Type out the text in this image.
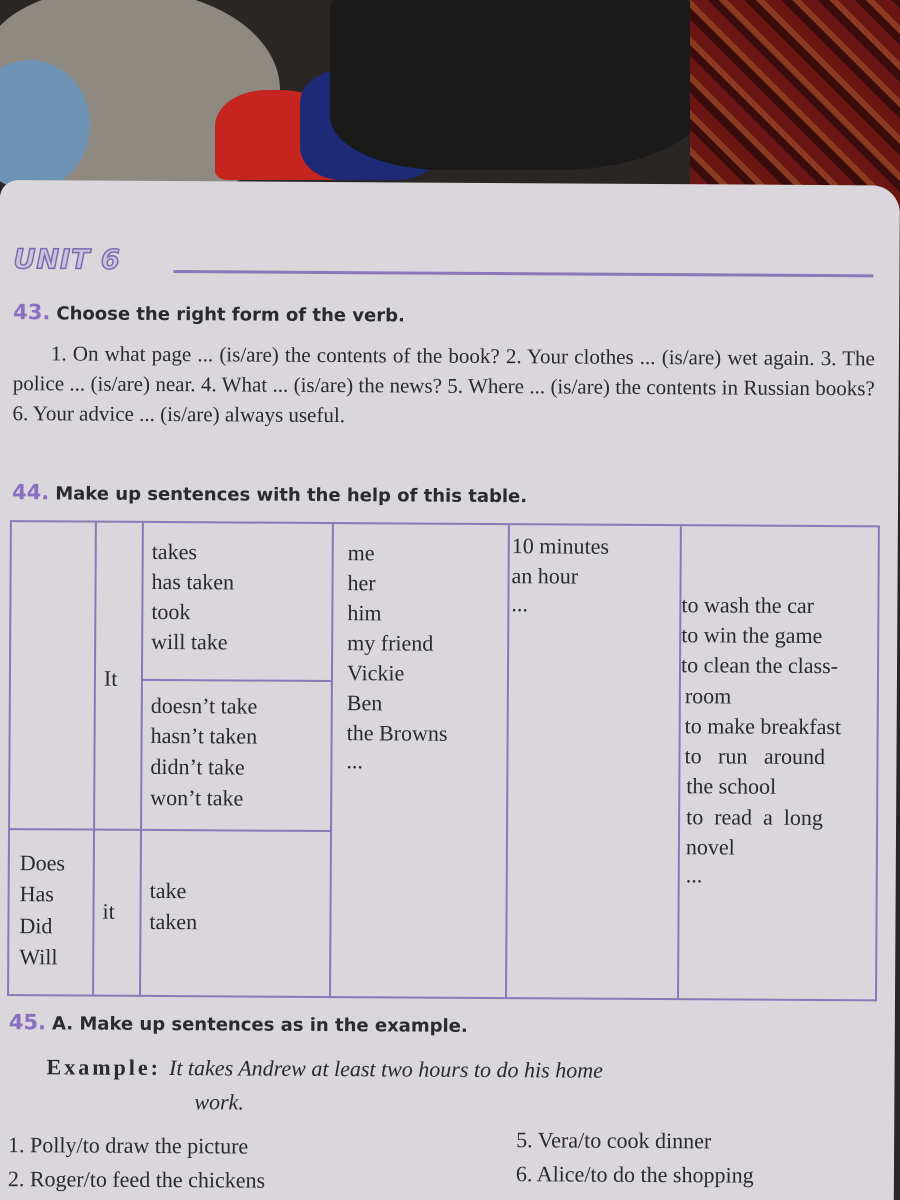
UNIT 6
43. Choose the right form of the verb.
1. On what page ... (is/are) the contents of the book? 2. Your clothes ... (is/are) wet again. 3. The police ... (is/are) near. 4. What ... (is/are) the news? 5. Where ... (is/are) the contents in Russian books? 6. Your advice ... (is/are) always useful.
44. Make up sentences with the help of this table.
It
takes
has taken
took
will take
doesn’t take
hasn’t taken
didn’t take
won’t take
Does
Has
Did
Will
it
take
taken
me
her
him
my friend
Vickie
Ben
the Browns
...
10 minutes
an hour
...	to wash the car
to win the game
to clean the class-
room
to make breakfast
to   run   around
the school
to  read  a  long
novel
...
45. A. Make up sentences as in the example.
Example: It takes Andrew at least two hours to do his home
work.
1. Polly/to draw the picture
2. Roger/to feed the chickens
5. Vera/to cook dinner
6. Alice/to do the shopping
